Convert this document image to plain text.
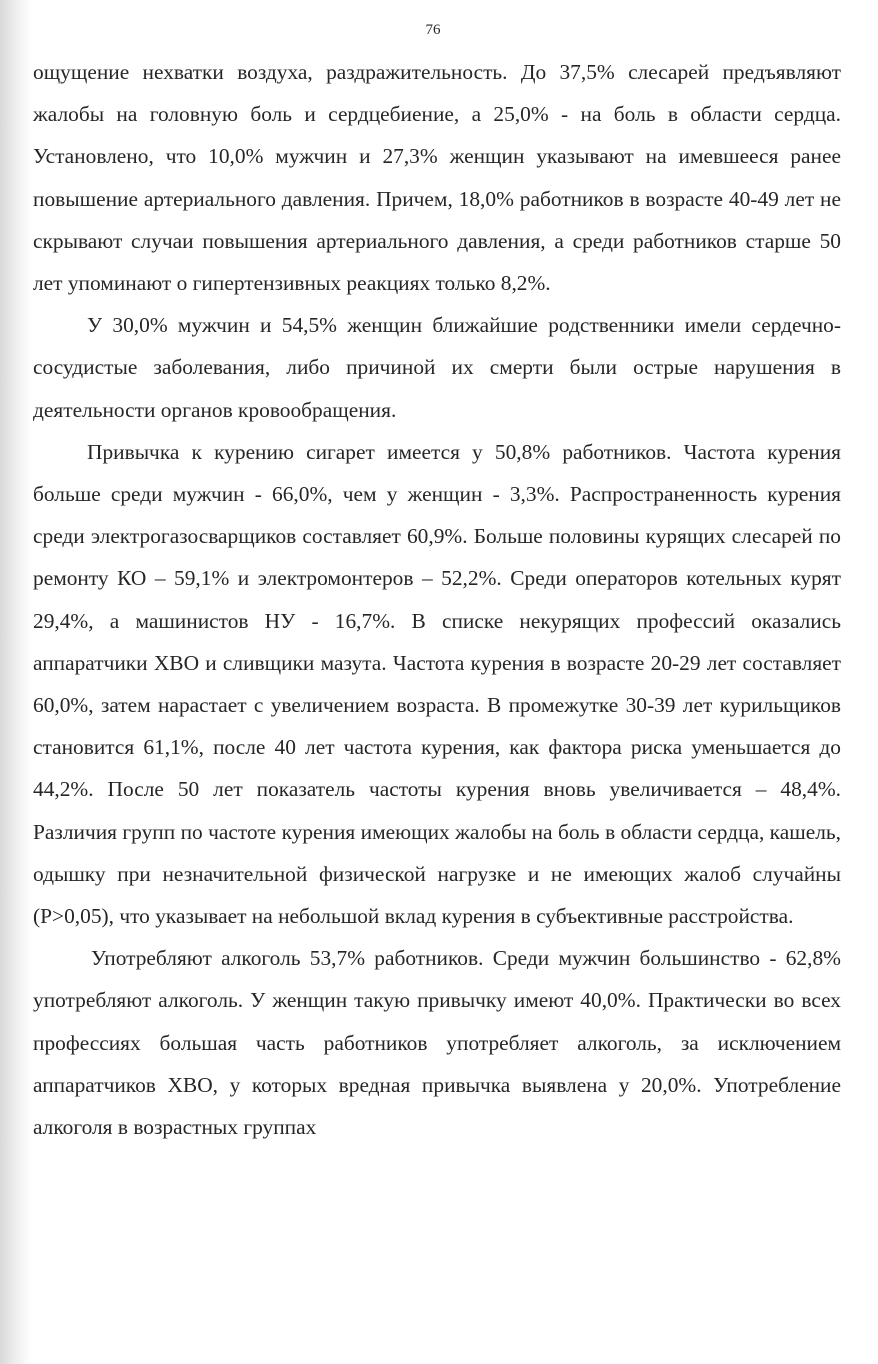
76

ощущение нехватки воздуха, раздражительность. До 37,5% слесарей предъявляют жалобы на головную боль и сердцебиение, а 25,0% - на боль в области сердца. Установлено, что 10,0% мужчин и 27,3% женщин указывают на имевшееся ранее повышение артериального давления. Причем, 18,0% работников в возрасте 40-49 лет не скрывают случаи повышения артериального давления, а среди работников старше 50 лет упоминают о гипертензивных реакциях только 8,2%.

У 30,0% мужчин и 54,5% женщин ближайшие родственники имели сердечно-сосудистые заболевания, либо причиной их смерти были острые нарушения в деятельности органов кровообращения.

Привычка к курению сигарет имеется у 50,8% работников. Частота курения больше среди мужчин - 66,0%, чем у женщин - 3,3%. Распространенность курения среди электрогазосварщиков составляет 60,9%. Больше половины курящих слесарей по ремонту КО – 59,1% и электромонтеров – 52,2%. Среди операторов котельных курят 29,4%, а машинистов НУ - 16,7%. В списке некурящих профессий оказались аппаратчики ХВО и сливщики мазута. Частота курения в возрасте 20-29 лет составляет 60,0%, затем нарастает с увеличением возраста. В промежутке 30-39 лет курильщиков становится 61,1%, после 40 лет частота курения, как фактора риска уменьшается до 44,2%. После 50 лет показатель частоты курения вновь увеличивается – 48,4%. Различия групп по частоте курения имеющих жалобы на боль в области сердца, кашель, одышку при незначительной физической нагрузке и не имеющих жалоб случайны (P>0,05), что указывает на небольшой вклад курения в субъективные расстройства.

Употребляют алкоголь 53,7% работников. Среди мужчин большинство - 62,8% употребляют алкоголь. У женщин такую привычку имеют 40,0%. Практически во всех профессиях большая часть работников употребляет алкоголь, за исключением аппаратчиков ХВО, у которых вредная привычка выявлена у 20,0%. Употребление алкоголя в возрастных группах
